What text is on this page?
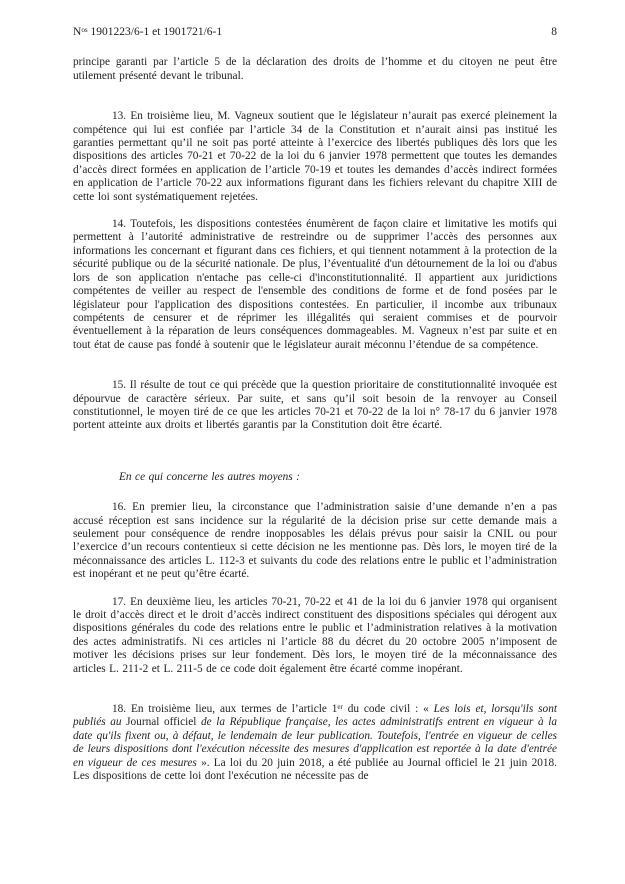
$N^{os}$ 1901223/6-1 et 1901721/6-1	8
principe garanti par l’article 5 de la déclaration des droits de l’homme et du citoyen ne peut être utilement présenté devant le tribunal.
13. En troisième lieu, M. Vagneux soutient que le législateur n’aurait pas exercé pleinement la compétence qui lui est confiée par l’article 34 de la Constitution et n’aurait ainsi pas institué les garanties permettant qu’il ne soit pas porté atteinte à l’exercice des libertés publiques dès lors que les dispositions des articles 70-21 et 70-22 de la loi du 6 janvier 1978 permettent que toutes les demandes d’accès direct formées en application de l’article 70-19 et toutes les demandes d’accès indirect formées en application de l’article 70-22 aux informations figurant dans les fichiers relevant du chapitre XIII de cette loi sont systématiquement rejetées.
14. Toutefois, les dispositions contestées énumèrent de façon claire et limitative les motifs qui permettent à l’autorité administrative de restreindre ou de supprimer l’accès des personnes aux informations les concernant et figurant dans ces fichiers, et qui tiennent notamment à la protection de la sécurité publique ou de la sécurité nationale. De plus, l’éventualité d'un détournement de la loi ou d'abus lors de son application n'entache pas celle-ci d'inconstitutionnalité. Il appartient aux juridictions compétentes de veiller au respect de l'ensemble des conditions de forme et de fond posées par le législateur pour l'application des dispositions contestées. En particulier, il incombe aux tribunaux compétents de censurer et de réprimer les illégalités qui seraient commises et de pourvoir éventuellement à la réparation de leurs conséquences dommageables. M. Vagneux n’est par suite et en tout état de cause pas fondé à soutenir que le législateur aurait méconnu l’étendue de sa compétence.
15. Il résulte de tout ce qui précède que la question prioritaire de constitutionnalité invoquée est dépourvue de caractère sérieux. Par suite, et sans qu’il soit besoin de la renvoyer au Conseil constitutionnel, le moyen tiré de ce que les articles 70-21 et 70-22 de la loi n° 78-17 du 6 janvier 1978 portent atteinte aux droits et libertés garantis par la Constitution doit être écarté.
En ce qui concerne les autres moyens :
16. En premier lieu, la circonstance que l’administration saisie d’une demande n’en a pas accusé réception est sans incidence sur la régularité de la décision prise sur cette demande mais a seulement pour conséquence de rendre inopposables les délais prévus pour saisir la CNIL ou pour l’exercice d’un recours contentieux si cette décision ne les mentionne pas. Dès lors, le moyen tiré de la méconnaissance des articles L. 112-3 et suivants du code des relations entre le public et l’administration est inopérant et ne peut qu’être écarté.
17. En deuxième lieu, les articles 70-21, 70-22 et 41 de la loi du 6 janvier 1978 qui organisent le droit d’accès direct et le droit d’accès indirect constituent des dispositions spéciales qui dérogent aux dispositions générales du code des relations entre le public et l’administration relatives à la motivation des actes administratifs. Ni ces articles ni l’article 88 du décret du 20 octobre 2005 n’imposent de motiver les décisions prises sur leur fondement. Dès lors, le moyen tiré de la méconnaissance des articles L. 211-2 et L. 211-5 de ce code doit également être écarté comme inopérant.
18. En troisième lieu, aux termes de l’article 1er du code civil : « Les lois et, lorsqu'ils sont publiés au Journal officiel de la République française, les actes administratifs entrent en vigueur à la date qu'ils fixent ou, à défaut, le lendemain de leur publication. Toutefois, l'entrée en vigueur de celles de leurs dispositions dont l'exécution nécessite des mesures d'application est reportée à la date d'entrée en vigueur de ces mesures ». La loi du 20 juin 2018, a été publiée au Journal officiel le 21 juin 2018. Les dispositions de cette loi dont l'exécution ne nécessite pas de
